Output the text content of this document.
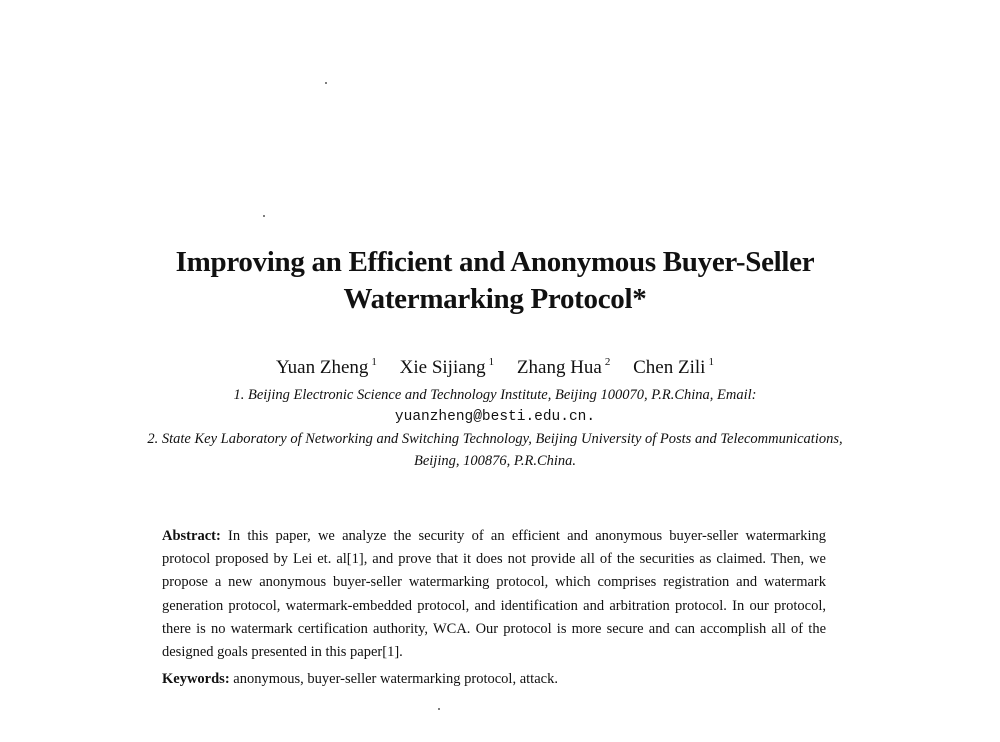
Improving an Efficient and Anonymous Buyer-Seller Watermarking Protocol*
Yuan Zheng $^1$ Xie Sijiang $^1$ Zhang Hua $^2$ Chen Zili $^1$
1. Beijing Electronic Science and Technology Institute, Beijing 100070, P.R.China, Email:
yuanzheng@besti.edu.cn.
2. State Key Laboratory of Networking and Switching Technology, Beijing University of Posts and Telecommunications, Beijing, 100876, P.R.China.
Abstract: In this paper, we analyze the security of an efficient and anonymous buyer-seller watermarking protocol proposed by Lei et. al[1], and prove that it does not provide all of the securities as claimed. Then, we propose a new anonymous buyer-seller watermarking protocol, which comprises registration and watermark generation protocol, watermark-embedded protocol, and identification and arbitration protocol. In our protocol, there is no watermark certification authority, WCA. Our protocol is more secure and can accomplish all of the designed goals presented in this paper[1].
Keywords: anonymous, buyer-seller watermarking protocol, attack.
